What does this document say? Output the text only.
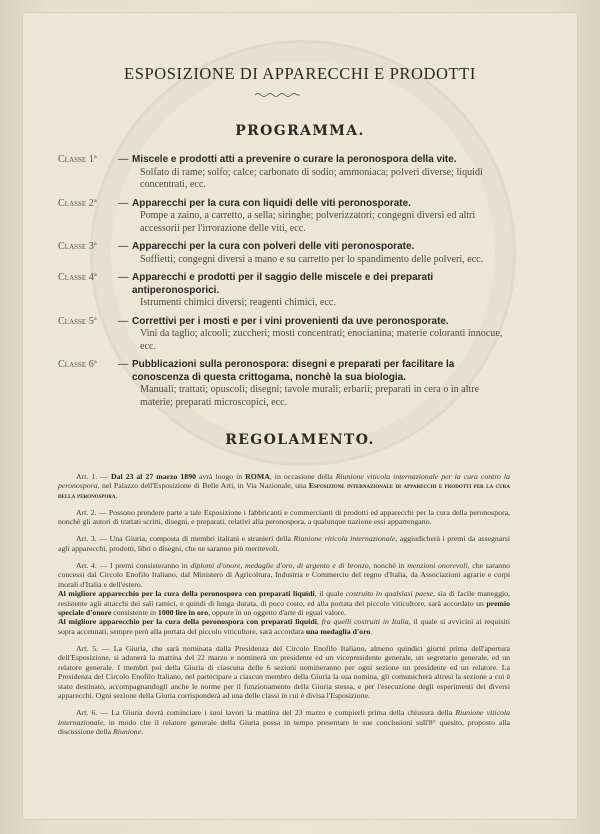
ESPOSIZIONE DI APPARECCHI E PRODOTTI
PROGRAMMA.
Classe 1ª	— Miscele e prodotti atti a prevenire o curare la peronospora della vite.
Solfato di rame; solfo; calce; carbonato di sodio; ammoniaca; polveri diverse; liquidi concentrati, ecc.
Classe 2ª	— Apparecchi per la cura con liquidi delle viti peronosporate.
Pompe a zaino, a carretto, a sella; siringhe; polverizzatori; congegni diversi ed altri accessorii per l'irrorazione delle viti, ecc.
Classe 3ª	— Apparecchi per la cura con polveri delle viti peronosporate.
Soffietti; congegni diversi a mano e su carretto per lo spandimento delle polveri, ecc.
Classe 4ª	— Apparecchi e prodotti per il saggio delle miscele e dei preparati antiperonosporici.
Istrumenti chimici diversi; reagenti chimici, ecc.
Classe 5ª	— Correttivi per i mosti e per i vini provenienti da uve peronosporate.
Vini da taglio; alcooli; zuccheri; mosti concentrati; enocianina; materie coloranti innocue, ecc.
Classe 6ª	— Pubblicazioni sulla peronospora: disegni e preparati per facilitare la conoscenza di questa crittogama, nonchè la sua biologia.
Manuali; trattati; opuscoli; disegni; tavole murali; erbarii; preparati in cera o in altre materie; preparati microscopici, ecc.
REGOLAMENTO.

Art. 1. — Dal 23 al 27 marzo 1890 avrà luogo in ROMA, in occasione della Riunione viticola internazionale per la cura contro la peronospora, nel Palazzo dell'Esposizione di Belle Arti, in Via Nazionale, una Esposizione internazionale di apparecchi e prodotti per la cura della peronospora.

Art. 2. — Possono prendere parte a tale Esposizione i fabbricanti e commercianti di prodotti ed apparecchi per la cura della peronospora, nonchè gli autori di trattati scritti, disegni, e preparati, relativi alla peronospora, a qualunque nazione essi appartengano.

Art. 3. — Una Giuria, composta di membri italiani e stranieri della Riunione viticola internazionale, aggiudicherà i premi da assegnarsi agli apparecchi, prodotti, libri o disegni, che ne saranno più meritevoli.

Art. 4. — I premi consisteranno in diplomi d'onore, medaglie d'oro, di argento e di bronzo, nonchè in menzioni onorevoli, che saranno concessi dal Circolo Enofilo Italiano, dal Ministero di Agricoltura, Industria e Commercio del regno d'Italia, da Associazioni agrarie e corpi morali d'Italia e dell'estero.
Al migliore apparecchio per la cura della peronospora con preparati liquidi, il quale costruito in qualsiasi paese, sia di facile maneggio, resistente agli attacchi dei sali ramici, e quindi di lunga durata, di poco costo, ed alla portata del piccolo viticultore, sarà accordato un premio speciale d'onore consistente in 1000 lire in oro, oppure in un oggetto d'arte di egual valore.
Al migliore apparecchio per la cura della peronospora con preparati liquidi, fra quelli costruiti in Italia, il quale si avvicini ai requisiti sopra accennati, sempre però alla portata del piccolo viticultore, sarà accordata una medaglia d'oro.

Art. 5. — La Giuria, che sarà nominata dalla Presidenza del Circolo Enofilo Italiano, almeno quindici giorni prima dell'apertura dell'Esposizione, si adunerà la mattina del 22 marzo e nominerà un presidente ed un vicepresidente generale, un segretario generale, ed un relatore generale. I membri poi della Giuria di ciascuna delle 6 sezioni nomineranno per ogni sezione un presidente ed un relatore. La Presidenza del Circolo Enofilo Italiano, nel partecipare a ciascun membro della Giuria la sua nomina, gli comunicherà altresì la sezione a cui è stato destinato, accompagnandogli anche le norme per il funzionamento della Giuria stessa, e per l'esecuzione degli esperimenti dei diversi apparecchi. Ogni sezione della Giuria corrisponderà ad una delle classi in cui è divisa l'Esposizione.

Art. 6. — La Giuria dovrà cominciare i suoi lavori la mattina del 23 marzo e compierli prima della chiusura della Riunione viticola internazionale, in modo che il relatore generale della Giuria possa in tempo presentare le sue conclusioni sull'8° quesito, proposto alla discussione della Riunione.
